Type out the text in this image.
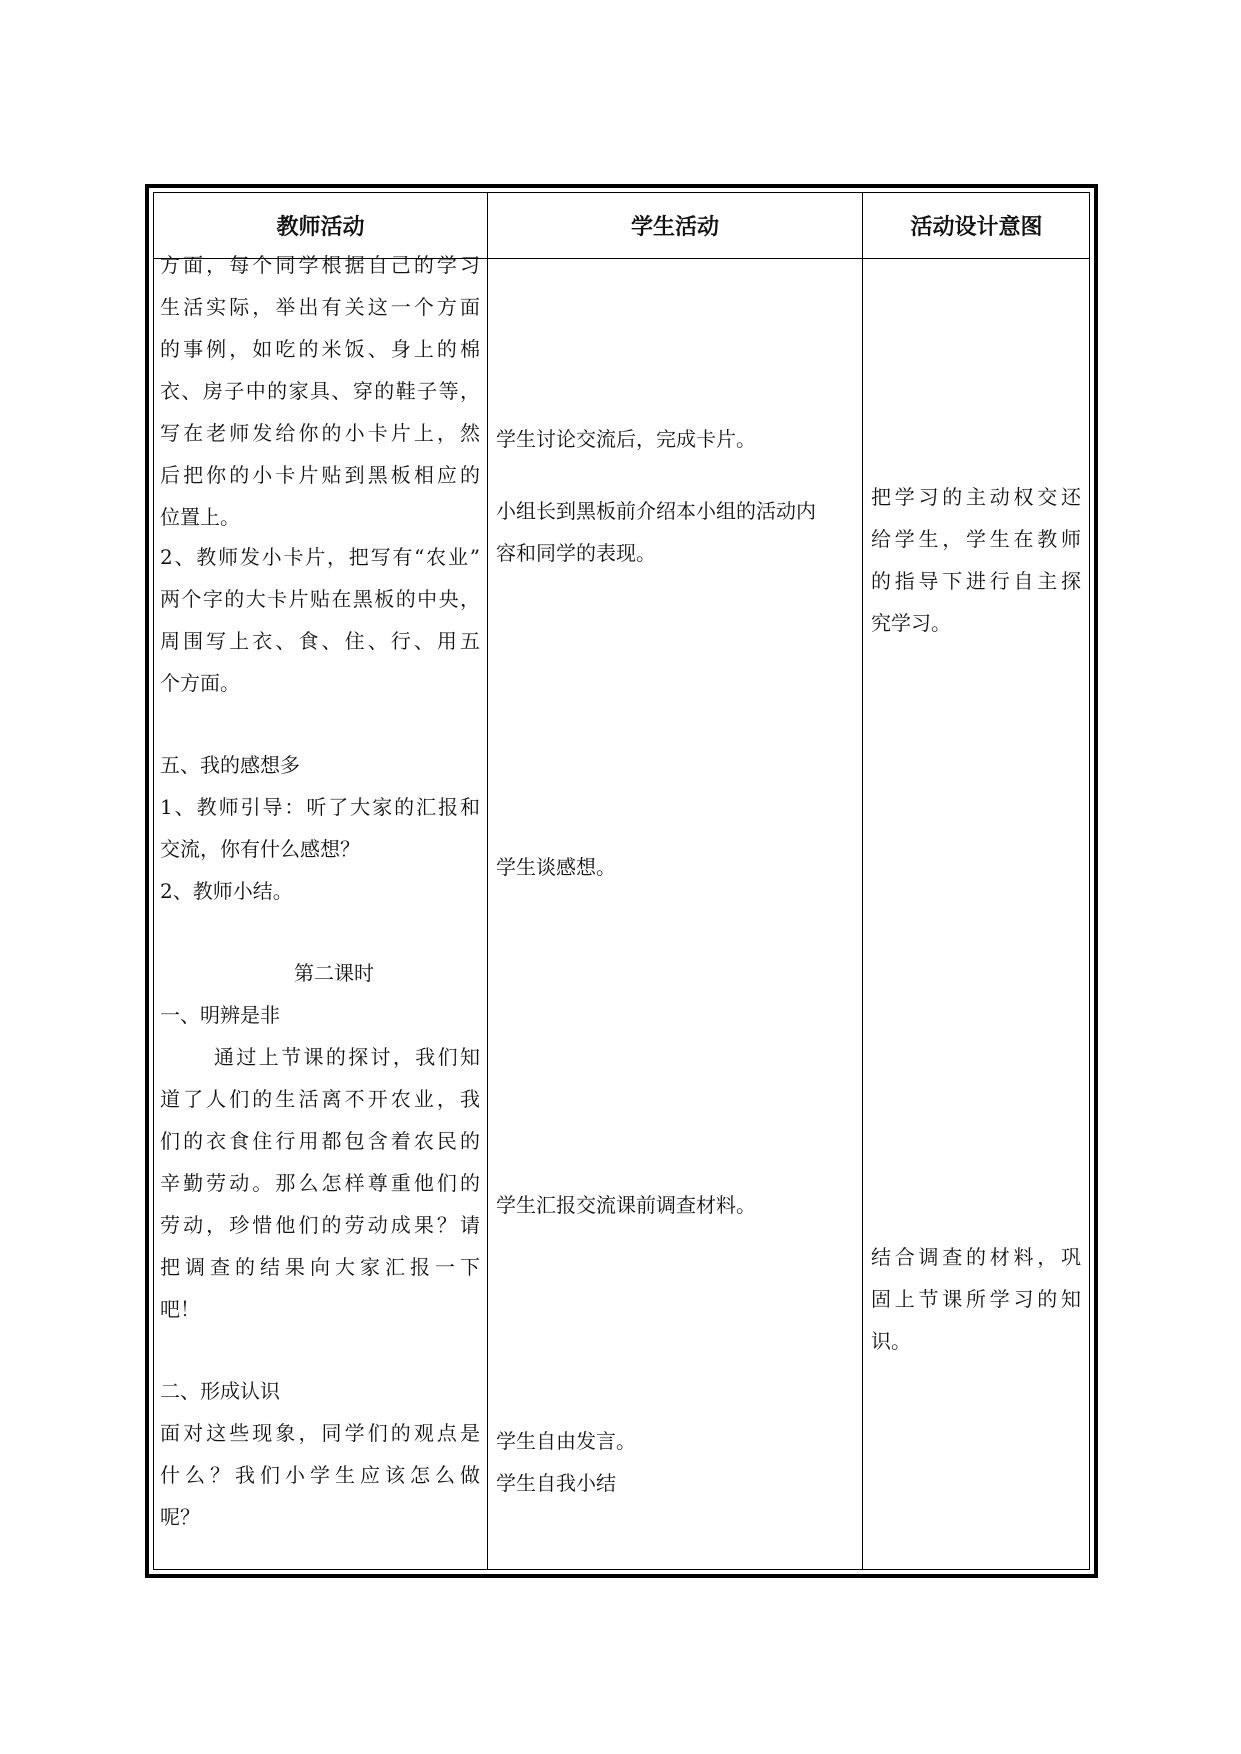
教师活动	学生活动	活动设计意图
方面，每个同学根据自己的学习
生活实际，举出有关这一个方面
的事例，如吃的米饭、身上的棉
衣、房子中的家具、穿的鞋子等，
写在老师发给你的小卡片上，然
后把你的小卡片贴到黑板相应的
位置上。
2、教师发小卡片，把写有“农业”
两个字的大卡片贴在黑板的中央，
周围写上衣、食、住、行、用五
个方面。
五、我的感想多
1、教师引导：听了大家的汇报和
交流，你有什么感想？
2、教师小结。
第二课时
一、明辨是非
通过上节课的探讨，我们知
道了人们的生活离不开农业，我
们的衣食住行用都包含着农民的
辛勤劳动。那么怎样尊重他们的
劳动，珍惜他们的劳动成果？请
把调查的结果向大家汇报一下
吧！
二、形成认识
面对这些现象，同学们的观点是
什么？我们小学生应该怎么做
呢？
学生讨论交流后，完成卡片。
小组长到黑板前介绍本小组的活动内
容和同学的表现。
学生谈感想。
学生汇报交流课前调查材料。
学生自由发言。
学生自我小结
把学习的主动权交还
给学生，学生在教师
的指导下进行自主探
究学习。
结合调查的材料，巩
固上节课所学习的知
识。
